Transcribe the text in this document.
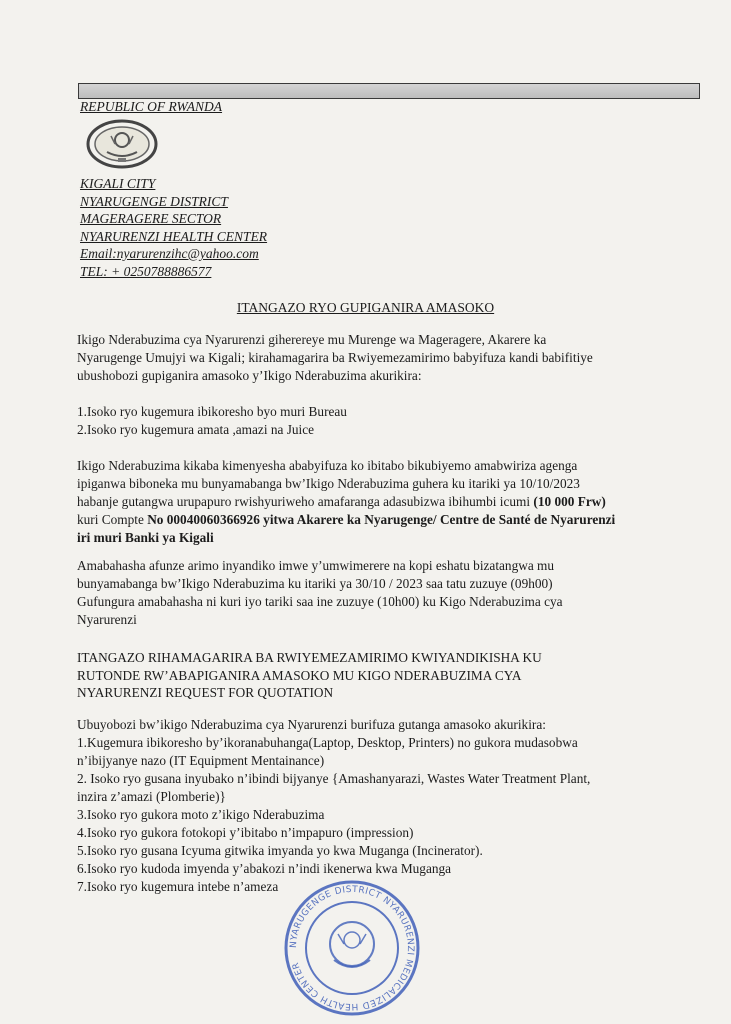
REPUBLIC OF RWANDA
KIGALI CITY
NYARUGENGE DISTRICT
MAGERAGERE SECTOR
NYARURENZI HEALTH CENTER
Email:nyarurenzihc@yahoo.com
TEL: + 0250788886577
ITANGAZO RYO GUPIGANIRA AMASOKO
Ikigo Nderabuzima cya Nyarurenzi giherereye mu Murenge wa Mageragere, Akarere ka
Nyarugenge Umujyi wa Kigali; kirahamagarira ba Rwiyemezamirimo babyifuza kandi babifitiye
ubushobozi gupiganira amasoko y’Ikigo Nderabuzima akurikira:
1.Isoko ryo kugemura ibikoresho byo muri Bureau
2.Isoko ryo kugemura amata ,amazi na Juice
Ikigo Nderabuzima kikaba kimenyesha ababyifuza ko ibitabo bikubiyemo amabwiriza agenga
ipiganwa biboneka mu bunyamabanga bw’Ikigo Nderabuzima guhera ku itariki ya 10/10/2023
habanje gutangwa urupapuro rwishyuriweho amafaranga adasubizwa ibihumbi icumi (10 000 Frw)
kuri Compte No 00040060366926 yitwa Akarere ka Nyarugenge/ Centre de Santé de Nyarurenzi
iri muri Banki ya Kigali
Amabahasha afunze arimo inyandiko imwe y’umwimerere na kopi eshatu bizatangwa mu
bunyamabanga bw’Ikigo Nderabuzima ku itariki ya 30/10 / 2023 saa tatu zuzuye (09h00)
Gufungura amabahasha ni kuri iyo tariki saa ine zuzuye (10h00) ku Kigo Nderabuzima cya
Nyarurenzi
ITANGAZO RIHAMAGARIRA BA RWIYEMEZAMIRIMO KWIYANDIKISHA KU
RUTONDE RW’ABAPIGANIRA AMASOKO MU KIGO NDERABUZIMA CYA
NYARURENZI REQUEST FOR QUOTATION
Ubuyobozi bw’ikigo Nderabuzima cya Nyarurenzi burifuza gutanga amasoko akurikira:
1.Kugemura ibikoresho by’ikoranabuhanga(Laptop, Desktop, Printers) no gukora mudasobwa
n’ibijyanye nazo (IT Equipment Mentainance)
2. Isoko ryo gusana inyubako n’ibindi bijyanye {Amashanyarazi, Wastes Water Treatment Plant,
inzira z’amazi (Plomberie)}
3.Isoko ryo gukora moto z’ikigo Nderabuzima
4.Isoko ryo gukora fotokopi y’ibitabo n’impapuro (impression)
5.Isoko ryo gusana Icyuma gitwika imyanda yo kwa Muganga (Incinerator).
6.Isoko ryo kudoda imyenda y’abakozi n’indi ikenerwa kwa Muganga
7.Isoko ryo kugemura intebe n’ameza
NYARUGENGE DISTRICT NYARURENZI MEDICALIZED HEALTH CENTER
